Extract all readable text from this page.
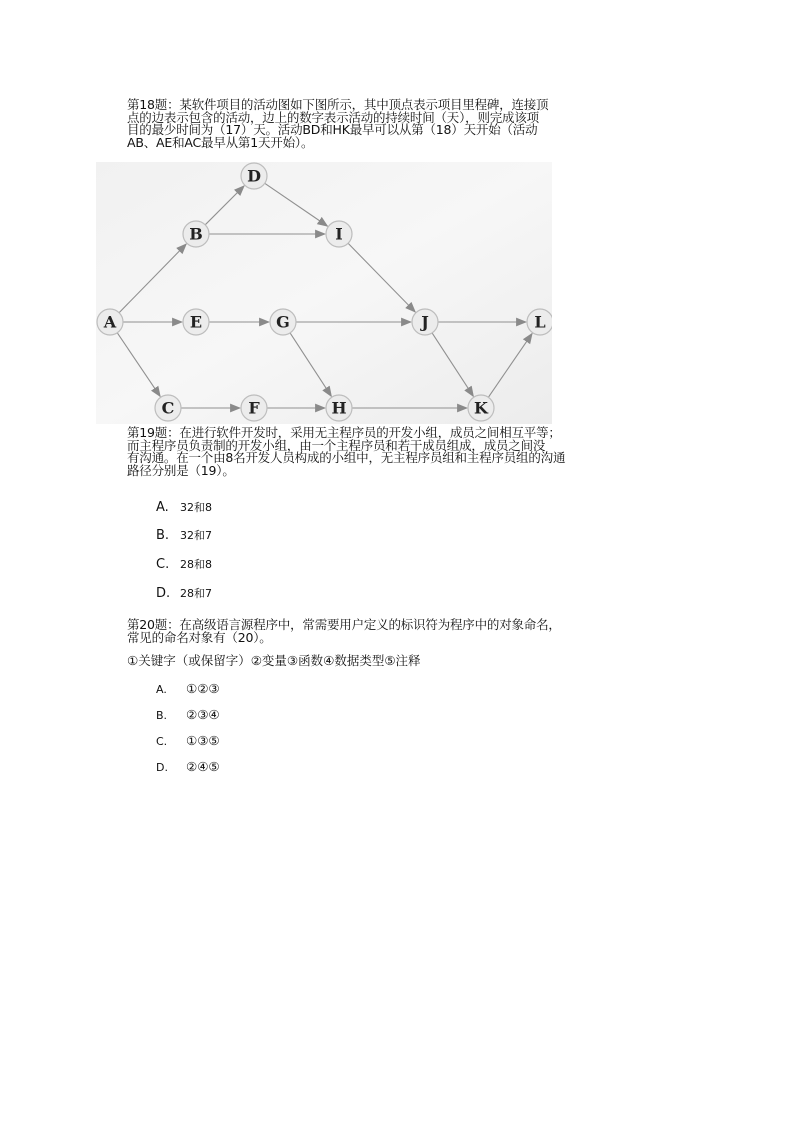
第18题：某软件项目的活动图如下图所示，其中顶点表示项目里程碑，连接顶
点的边表示包含的活动，边上的数字表示活动的持续时间（天），则完成该项
目的最少时间为（17）天。活动BD和HK最早可以从第（18）天开始（活动
AB、AE和AC最早从第1天开始）。
A
B
C
D
E
F
G
H
I
J
K
L
第19题：在进行软件开发时，采用无主程序员的开发小组，成员之间相互平等；
而主程序员负责制的开发小组，由一个主程序员和若干成员组成，成员之间没
有沟通。在一个由8名开发人员构成的小组中，无主程序员组和主程序员组的沟通
路径分别是（19）。
A. 32和8
B. 32和7
C. 28和8
D. 28和7
第20题：在高级语言源程序中，常需要用户定义的标识符为程序中的对象命名，
常见的命名对象有（20）。
①关键字（或保留字）②变量③函数④数据类型⑤注释
A. ①②③
B. ②③④
C. ①③⑤
D. ②④⑤
